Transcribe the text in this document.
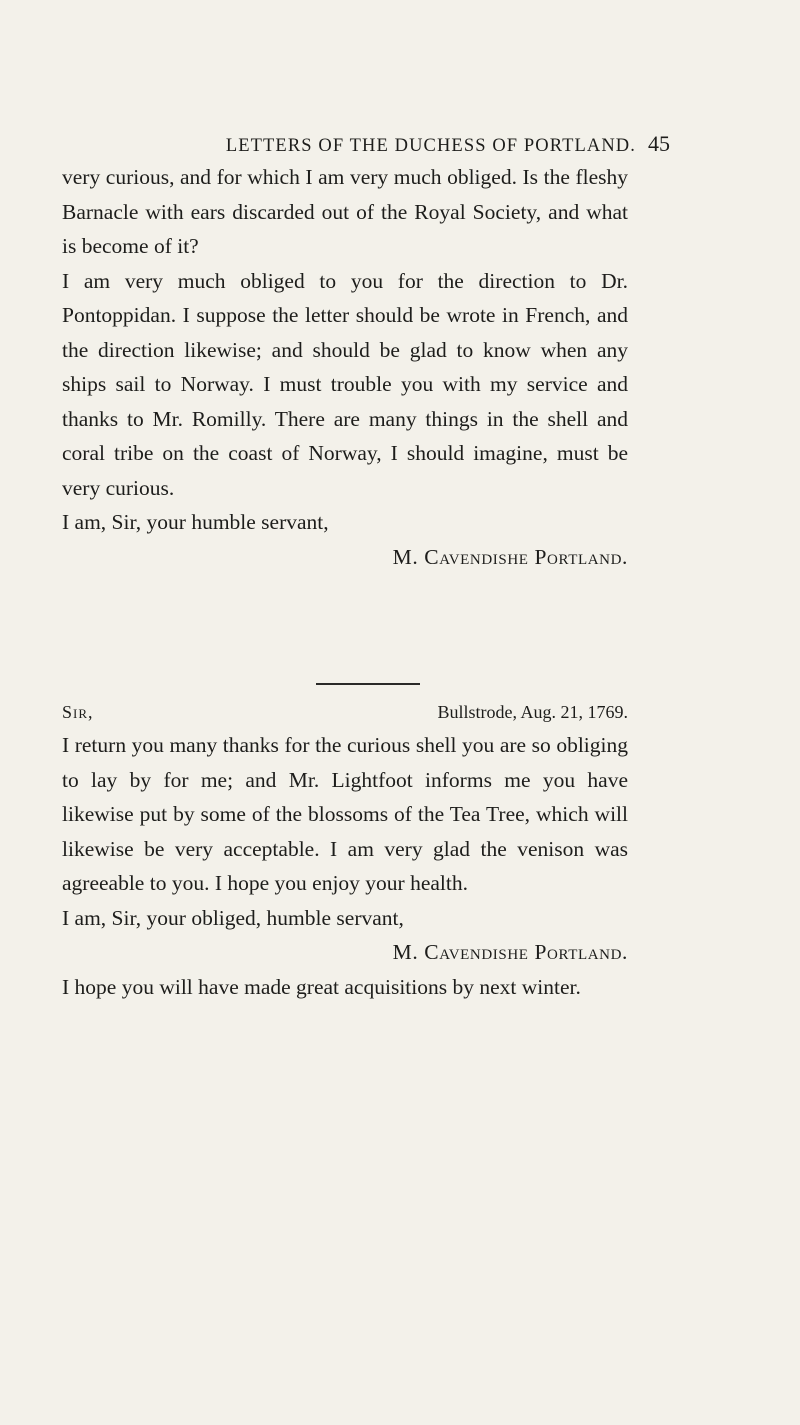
LETTERS OF THE DUCHESS OF PORTLAND. 45

very curious, and for which I am very much obliged. Is the fleshy Barnacle with ears discarded out of the Royal Society, and what is become of it?

I am very much obliged to you for the direction to Dr. Pontoppidan. I suppose the letter should be wrote in French, and the direction likewise; and should be glad to know when any ships sail to Norway. I must trouble you with my service and thanks to Mr. Romilly. There are many things in the shell and coral tribe on the coast of Norway, I should imagine, must be very curious.

I am, Sir, your humble servant,

M. Cavendishe Portland.

Sir,	Bullstrode, Aug. 21, 1769.

I return you many thanks for the curious shell you are so obliging to lay by for me; and Mr. Lightfoot informs me you have likewise put by some of the blossoms of the Tea Tree, which will likewise be very acceptable. I am very glad the venison was agreeable to you. I hope you enjoy your health.

I am, Sir, your obliged, humble servant,

M. Cavendishe Portland.

I hope you will have made great acquisitions by next winter.
